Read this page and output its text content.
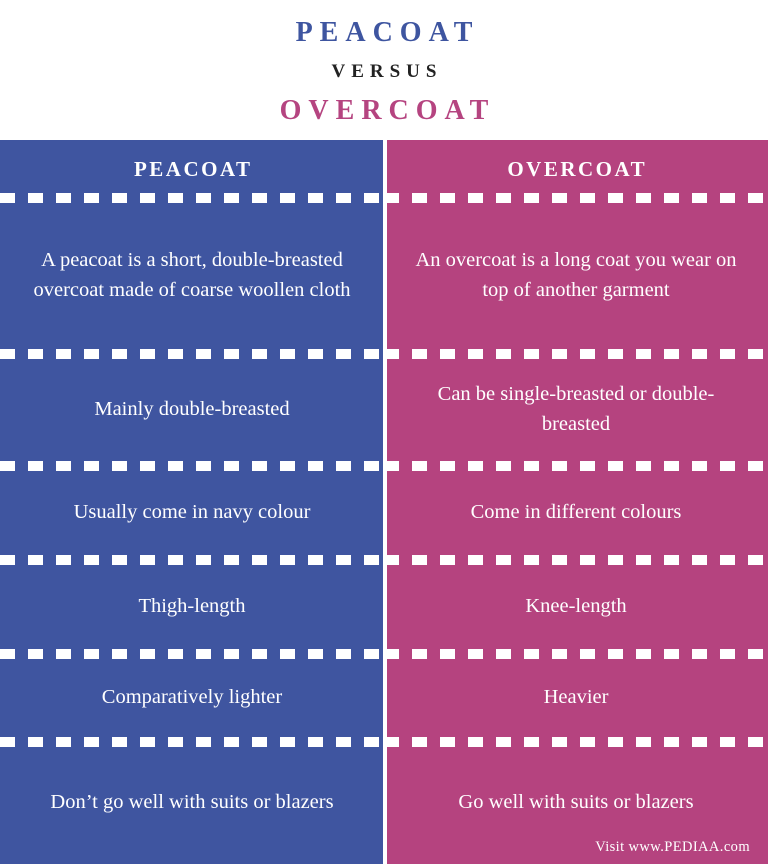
PEACOAT
VERSUS
OVERCOAT
PEACOAT
A peacoat is a short, double-breasted overcoat made of coarse woollen cloth
Mainly double-breasted
Usually come in navy colour
Thigh-length
Comparatively lighter
Don’t go well with suits or blazers
OVERCOAT
An overcoat is a long coat you wear on top of another garment
Can be single-breasted or double-breasted
Come in different colours
Knee-length
Heavier
Go well with suits or blazers
Visit www.PEDIAA.com
